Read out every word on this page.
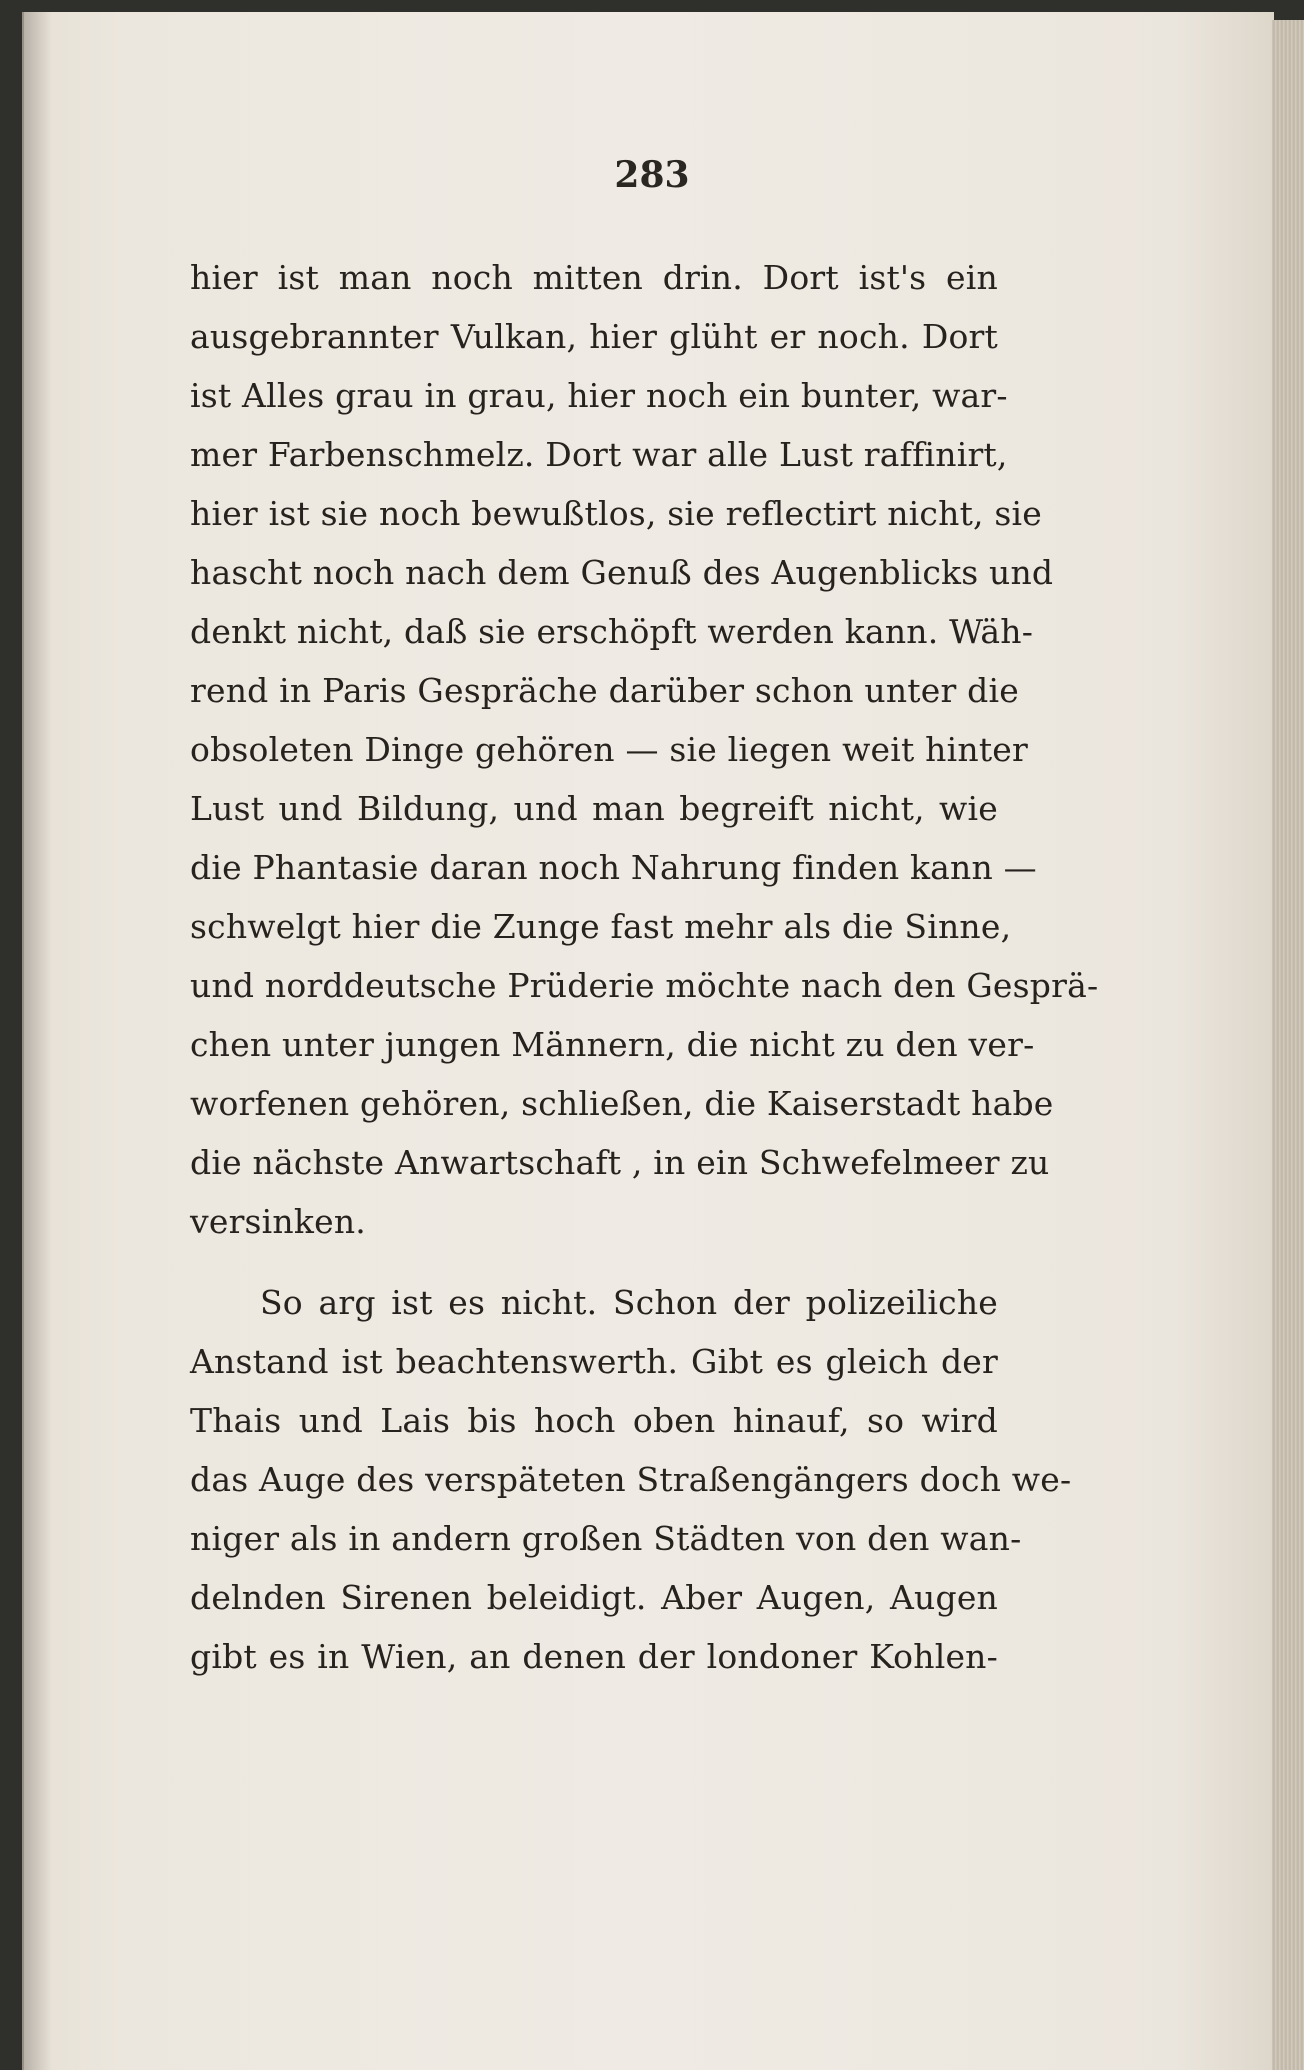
283
hier ist man noch mitten drin. Dort ist's ein
ausgebrannter Vulkan, hier glüht er noch. Dort
ist Alles grau in grau, hier noch ein bunter, war-
mer Farbenschmelz. Dort war alle Lust raffinirt,
hier ist sie noch bewußtlos, sie reflectirt nicht, sie
hascht noch nach dem Genuß des Augenblicks und
denkt nicht, daß sie erschöpft werden kann. Wäh-
rend in Paris Gespräche darüber schon unter die
obsoleten Dinge gehören — sie liegen weit hinter
Lust und Bildung, und man begreift nicht, wie
die Phantasie daran noch Nahrung finden kann —
schwelgt hier die Zunge fast mehr als die Sinne,
und norddeutsche Prüderie möchte nach den Gesprä-
chen unter jungen Männern, die nicht zu den ver-
worfenen gehören, schließen, die Kaiserstadt habe
die nächste Anwartschaft , in ein Schwefelmeer zu
versinken.
So arg ist es nicht. Schon der polizeiliche
Anstand ist beachtenswerth. Gibt es gleich der
Thais und Lais bis hoch oben hinauf, so wird
das Auge des verspäteten Straßengängers doch we-
niger als in andern großen Städten von den wan-
delnden Sirenen beleidigt. Aber Augen, Augen
gibt es in Wien, an denen der londoner Kohlen-
